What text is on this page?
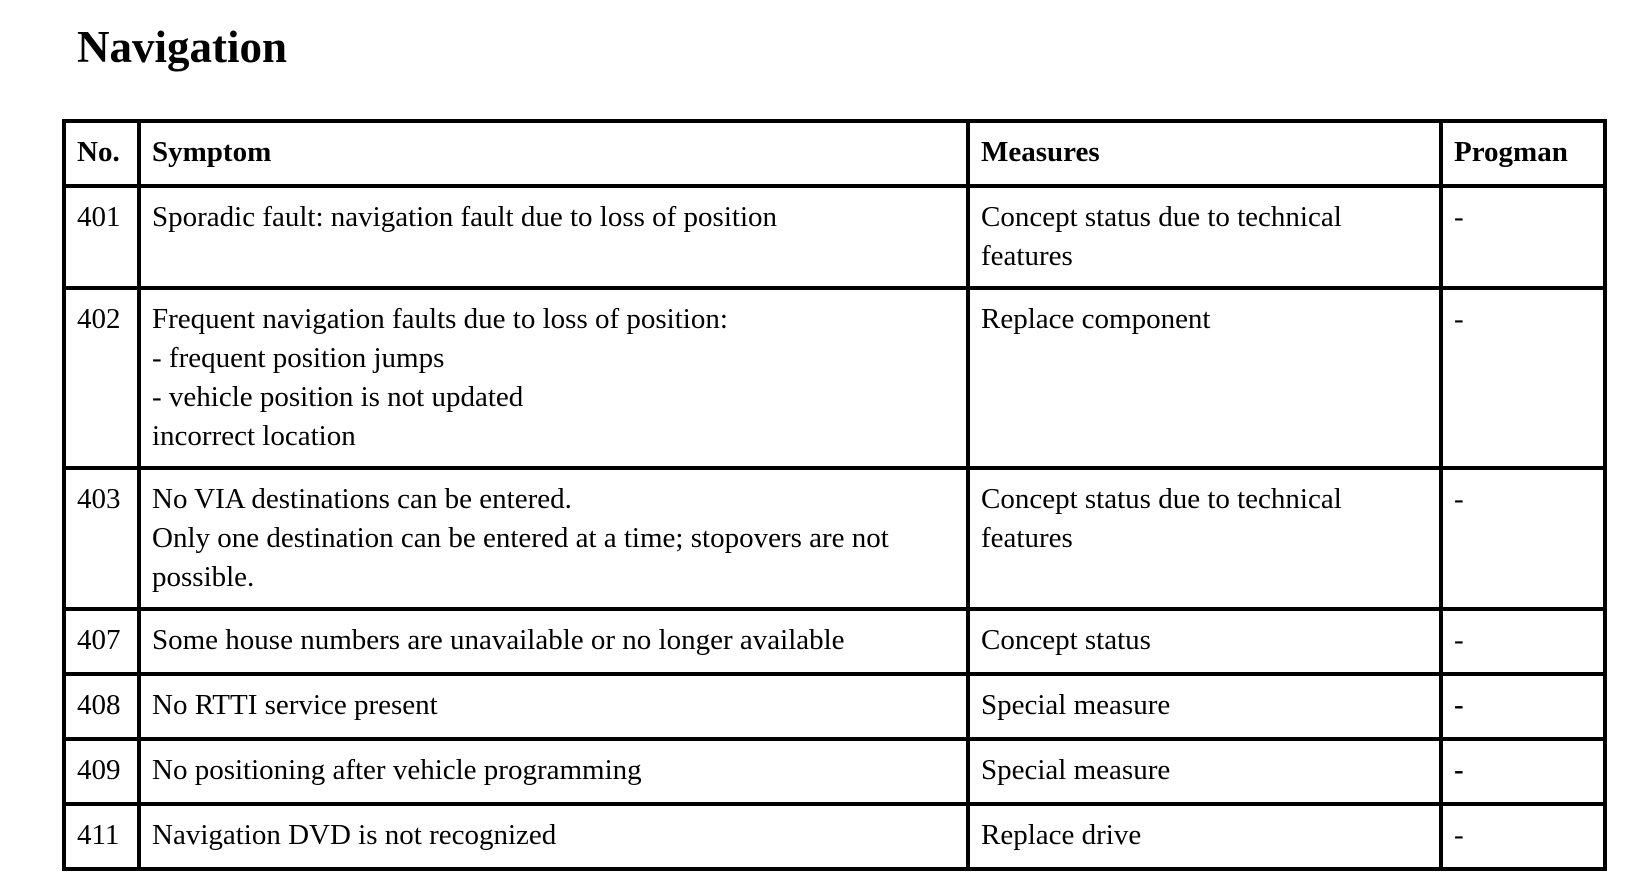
Navigation
No.	Symptom	Measures	Progman
401	Sporadic fault: navigation fault due to loss of position	Concept status due to technical features	-
402	Frequent navigation faults due to loss of position:
- frequent position jumps
- vehicle position is not updated
incorrect location	Replace component	-
403	No VIA destinations can be entered.
Only one destination can be entered at a time; stopovers are not possible.	Concept status due to technical features	-
407	Some house numbers are unavailable or no longer available	Concept status	-
408	No RTTI service present	Special measure	-
409	No positioning after vehicle programming	Special measure	-
411	Navigation DVD is not recognized	Replace drive	-
